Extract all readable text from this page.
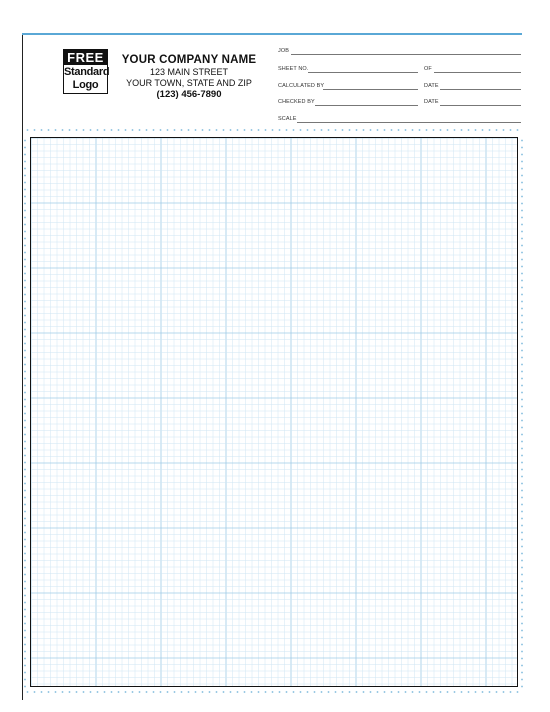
FREE
Standard
Logo
YOUR COMPANY NAME
123 MAIN STREET
YOUR TOWN, STATE AND ZIP
(123) 456-7890
JOB
SHEET NO.	OF
CALCULATED BY	DATE
CHECKED BY	DATE
SCALE
